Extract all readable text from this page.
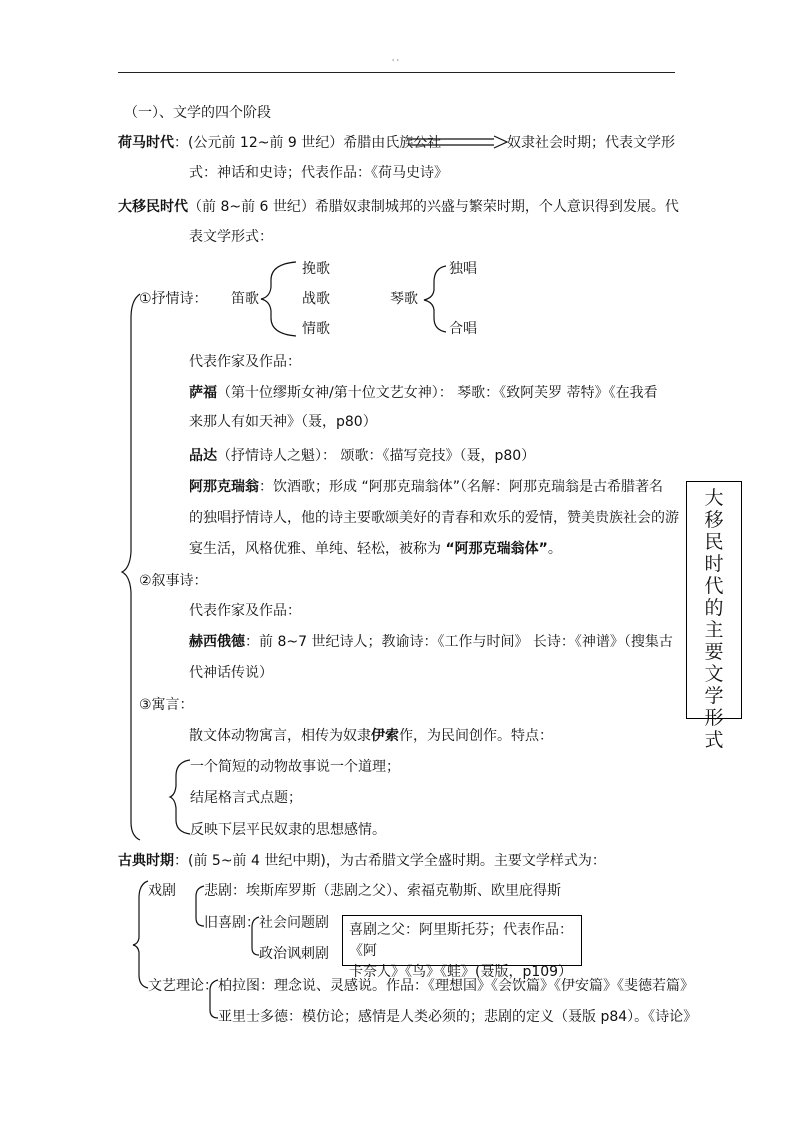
' '
（一）、文学的四个阶段
荷马时代：(公元前 12~前 9 世纪）希腊由氏族公社	奴隶社会时期；代表文学形
式：神话和史诗；代表作品：《荷马史诗》
大移民时代（前 8~前 6 世纪）希腊奴隶制城邦的兴盛与繁荣时期，个人意识得到发展。代
表文学形式：
①抒情诗： 笛歌
挽歌
战歌
情歌
琴歌
独唱
合唱
代表作家及作品：
萨福（第十位缪斯女神/第十位文艺女神）： 琴歌：《致阿芙罗 蒂特》《在我看
来那人有如天神》（聂，p80）
品达（抒情诗人之魁）： 颂歌：《描写竞技》（聂，p80）
阿那克瑞翁：饮酒歌；形成 “阿那克瑞翁体”（名解：阿那克瑞翁是古希腊著名
的独唱抒情诗人，他的诗主要歌颂美好的青春和欢乐的爱情，赞美贵族社会的游
宴生活，风格优雅、单纯、轻松，被称为 “阿那克瑞翁体”。
②叙事诗：
代表作家及作品：
赫西俄德：前 8~7 世纪诗人；教谕诗：《工作与时间》 长诗：《神谱》（搜集古
代神话传说）
③寓言：
散文体动物寓言，相传为奴隶伊索作，为民间创作。特点：
一个简短的动物故事说一个道理；
结尾格言式点题；
反映下层平民奴隶的思想感情。
大
移
民
时
代
的
主
要
文
学
形
式
古典时期：(前 5~前 4 世纪中期)，为古希腊文学全盛时期。主要文学样式为：
戏剧 悲剧：埃斯库罗斯（悲剧之父）、索福克勒斯、欧里庇得斯
旧喜剧： 社会问题剧
政治讽刺剧
喜剧之父：阿里斯托芬；代表作品：《阿
卡奈人》《鸟》《蛙》(聂版，p109）
文艺理论： 柏拉图：理念说、灵感说。作品：《理想国》《会饮篇》《伊安篇》《斐德若篇》
亚里士多德：模仿论；感情是人类必须的；悲剧的定义（聂版 p84）。《诗论》
